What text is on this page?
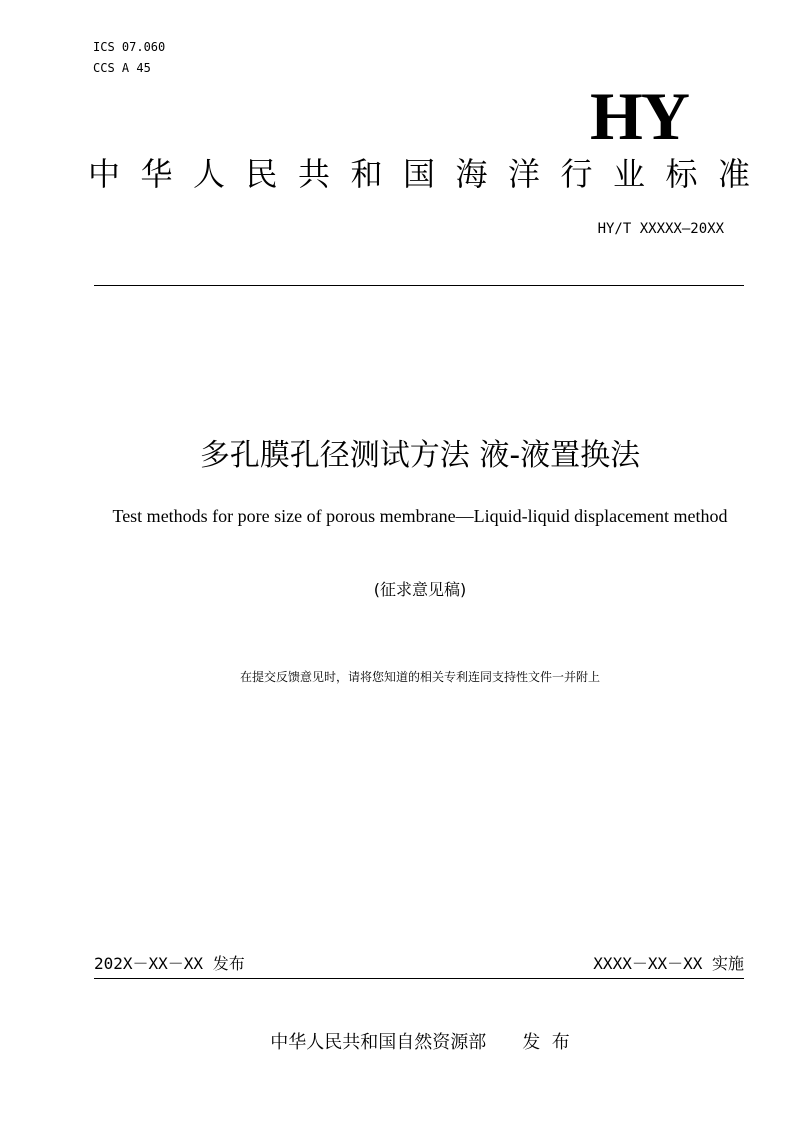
ICS 07.060
CCS A 45
HY
中华人民共和国海洋行业标准
HY/T XXXXX—20XX
多孔膜孔径测试方法 液-液置换法
Test methods for pore size of porous membrane—Liquid-liquid displacement method
(征求意见稿)
在提交反馈意见时，请将您知道的相关专利连同支持性文件一并附上
202X－XX－XX 发布	XXXX－XX－XX 实施
中华人民共和国自然资源部 发  布
